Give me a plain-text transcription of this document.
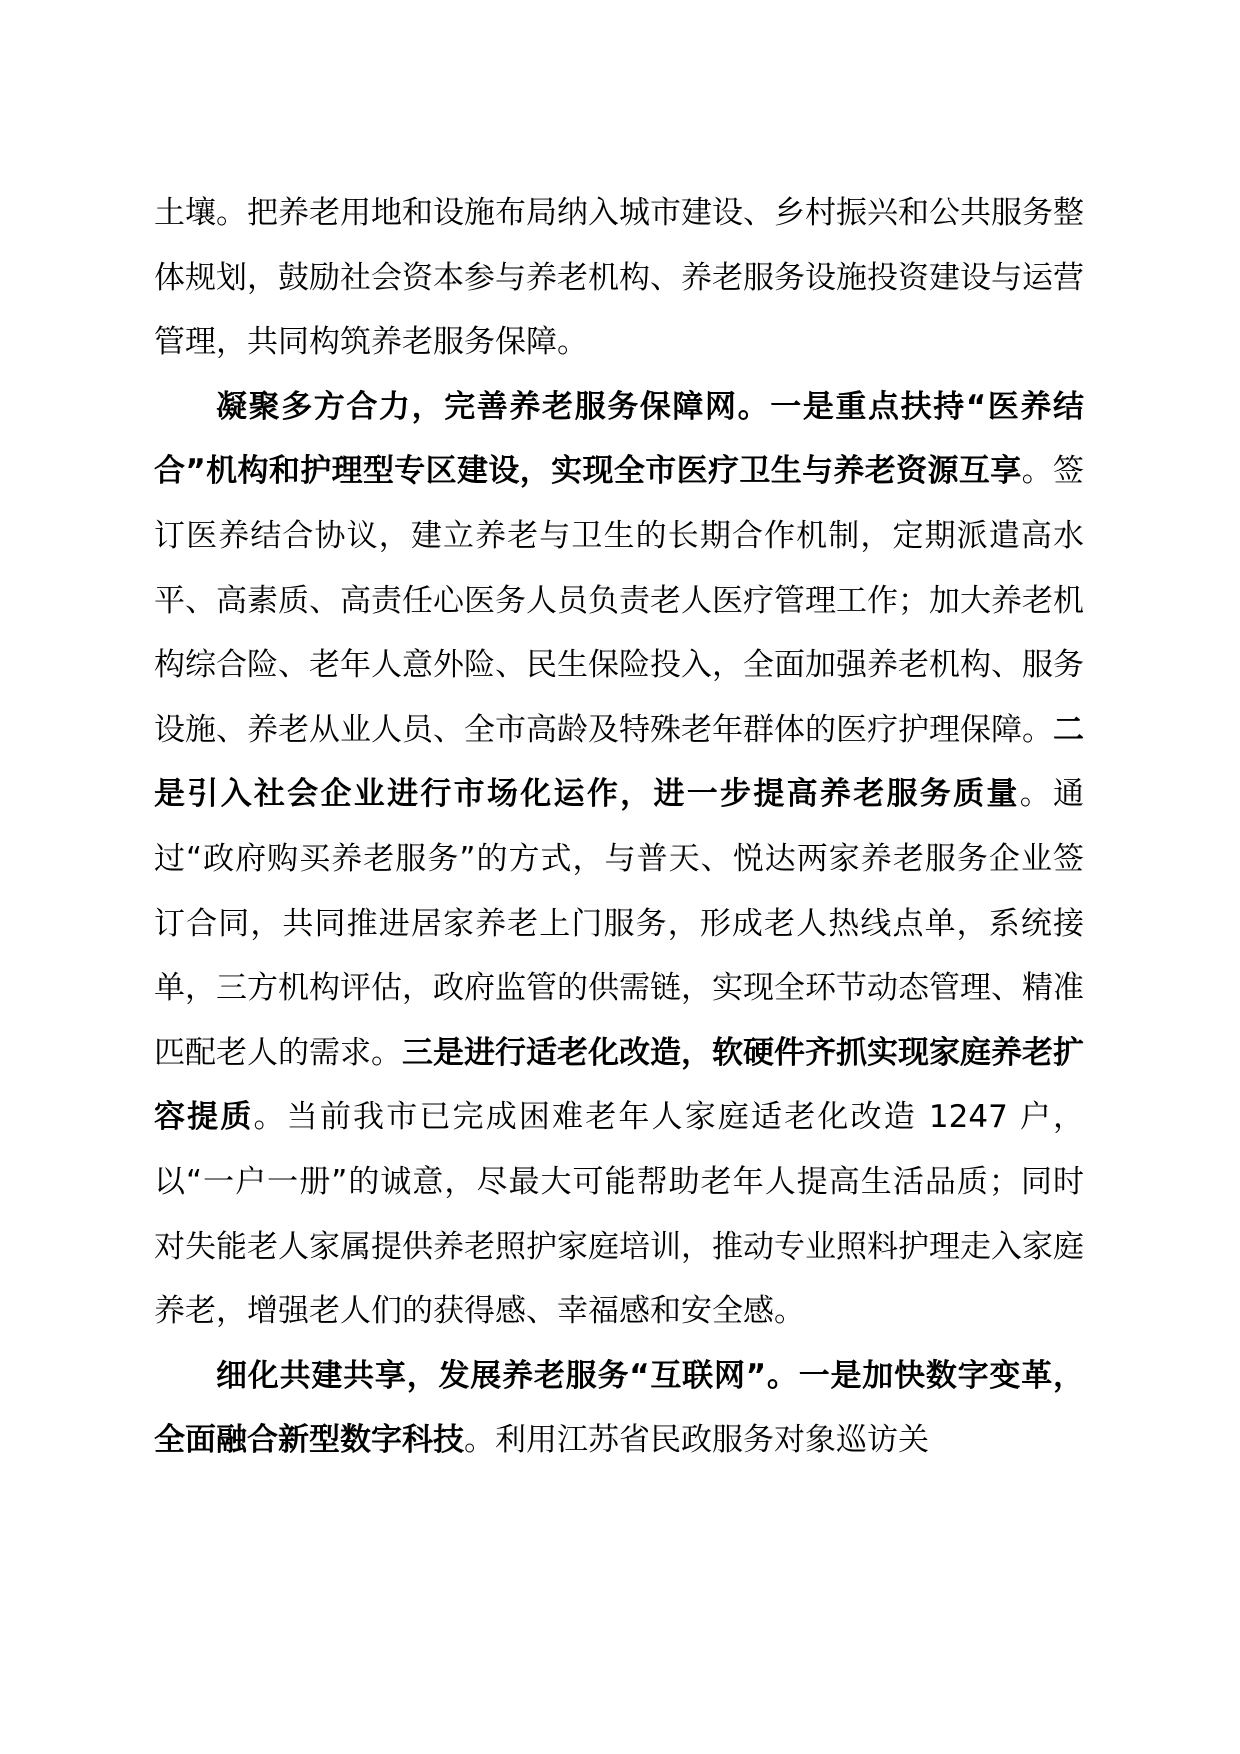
土壤。把养老用地和设施布局纳入城市建设、乡村振兴和公共服务整体规划，鼓励社会资本参与养老机构、养老服务设施投资建设与运营管理，共同构筑养老服务保障。

凝聚多方合力，完善养老服务保障网。一是重点扶持“医养结合”机构和护理型专区建设，实现全市医疗卫生与养老资源互享。签订医养结合协议，建立养老与卫生的长期合作机制，定期派遣高水平、高素质、高责任心医务人员负责老人医疗管理工作；加大养老机构综合险、老年人意外险、民生保险投入，全面加强养老机构、服务设施、养老从业人员、全市高龄及特殊老年群体的医疗护理保障。二是引入社会企业进行市场化运作，进一步提高养老服务质量。通过“政府购买养老服务”的方式，与普天、悦达两家养老服务企业签订合同，共同推进居家养老上门服务，形成老人热线点单，系统接单，三方机构评估，政府监管的供需链，实现全环节动态管理、精准匹配老人的需求。三是进行适老化改造，软硬件齐抓实现家庭养老扩容提质。当前我市已完成困难老年人家庭适老化改造 1247 户，以“一户一册”的诚意，尽最大可能帮助老年人提高生活品质；同时对失能老人家属提供养老照护家庭培训，推动专业照料护理走入家庭养老，增强老人们的获得感、幸福感和安全感。

细化共建共享，发展养老服务“互联网”。一是加快数字变革，全面融合新型数字科技。利用江苏省民政服务对象巡访关
